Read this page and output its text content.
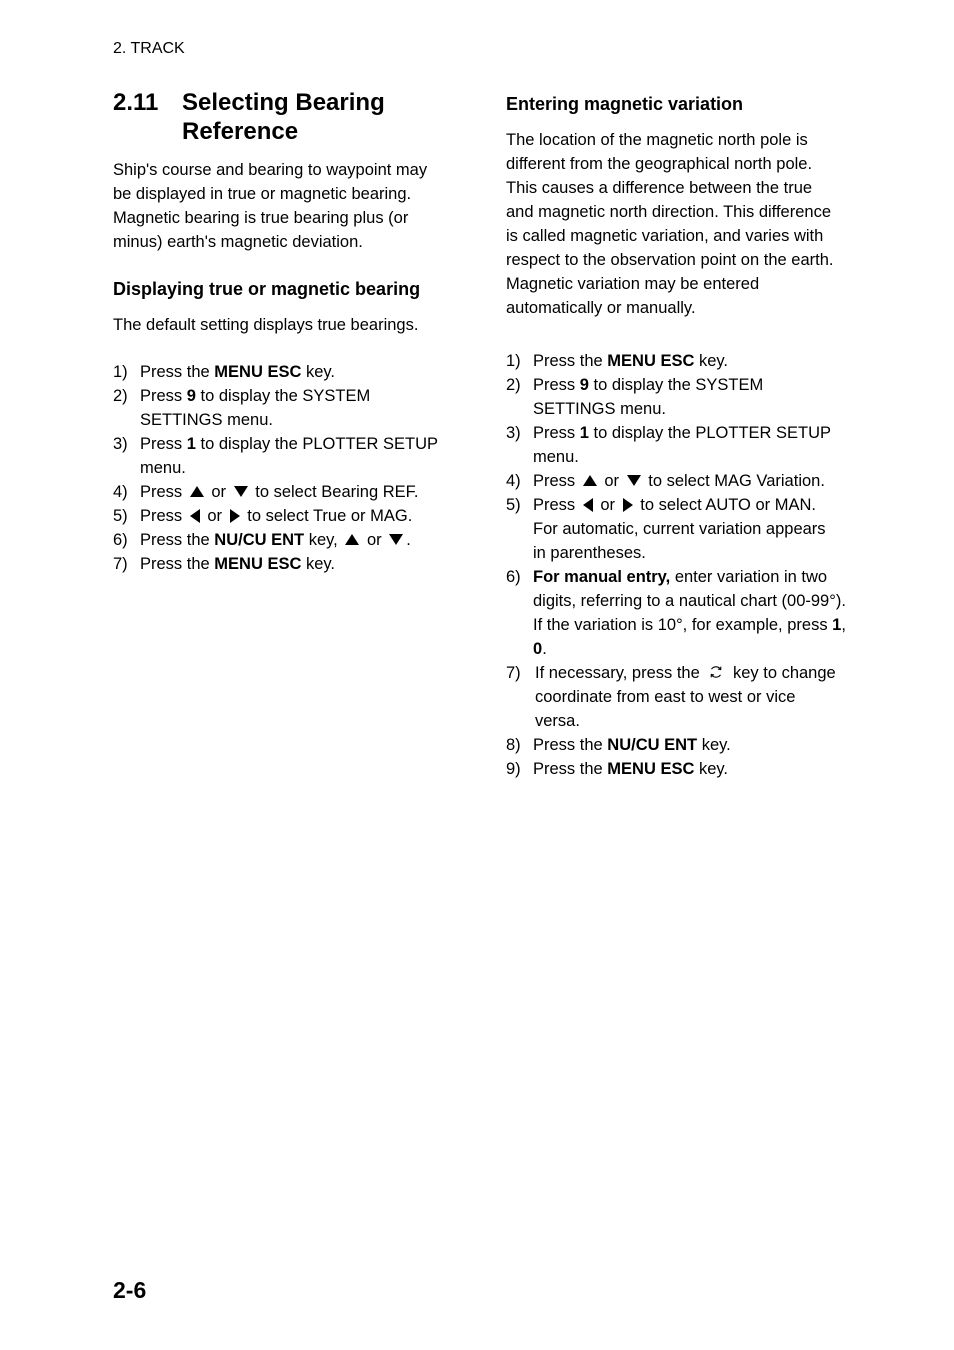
2. TRACK
2.11 Selecting Bearing
Reference
Ship's course and bearing to waypoint may
be displayed in true or magnetic bearing.
Magnetic bearing is true bearing plus (or
minus) earth's magnetic deviation.
Displaying true or magnetic bearing

The default setting displays true bearings.

1) Press the MENU ESC key.
2) Press 9 to display the SYSTEM
SETTINGS menu.
3) Press 1 to display the PLOTTER SETUP
menu.
4) Press or to select Bearing REF.
5) Press or to select True or MAG.
6) Press the NU/CU ENT key, or .
7) Press the MENU ESC key.
Entering magnetic variation
The location of the magnetic north pole is
different from the geographical north pole.
This causes a difference between the true
and magnetic north direction. This difference
is called magnetic variation, and varies with
respect to the observation point on the earth.
Magnetic variation may be entered
automatically or manually.
1) Press the MENU ESC key.
2) Press 9 to display the SYSTEM
SETTINGS menu.
3) Press 1 to display the PLOTTER SETUP
menu.
4) Press or to select MAG Variation.
5) Press or to select AUTO or MAN.
For automatic, current variation appears
in parentheses.
6) For manual entry, enter variation in two
digits, referring to a nautical chart (00-99°).
If the variation is 10°, for example, press 1,
0.
7) If necessary, press the key to change
coordinate from east to west or vice
versa.
8) Press the NU/CU ENT key.
9) Press the MENU ESC key.
2-6
